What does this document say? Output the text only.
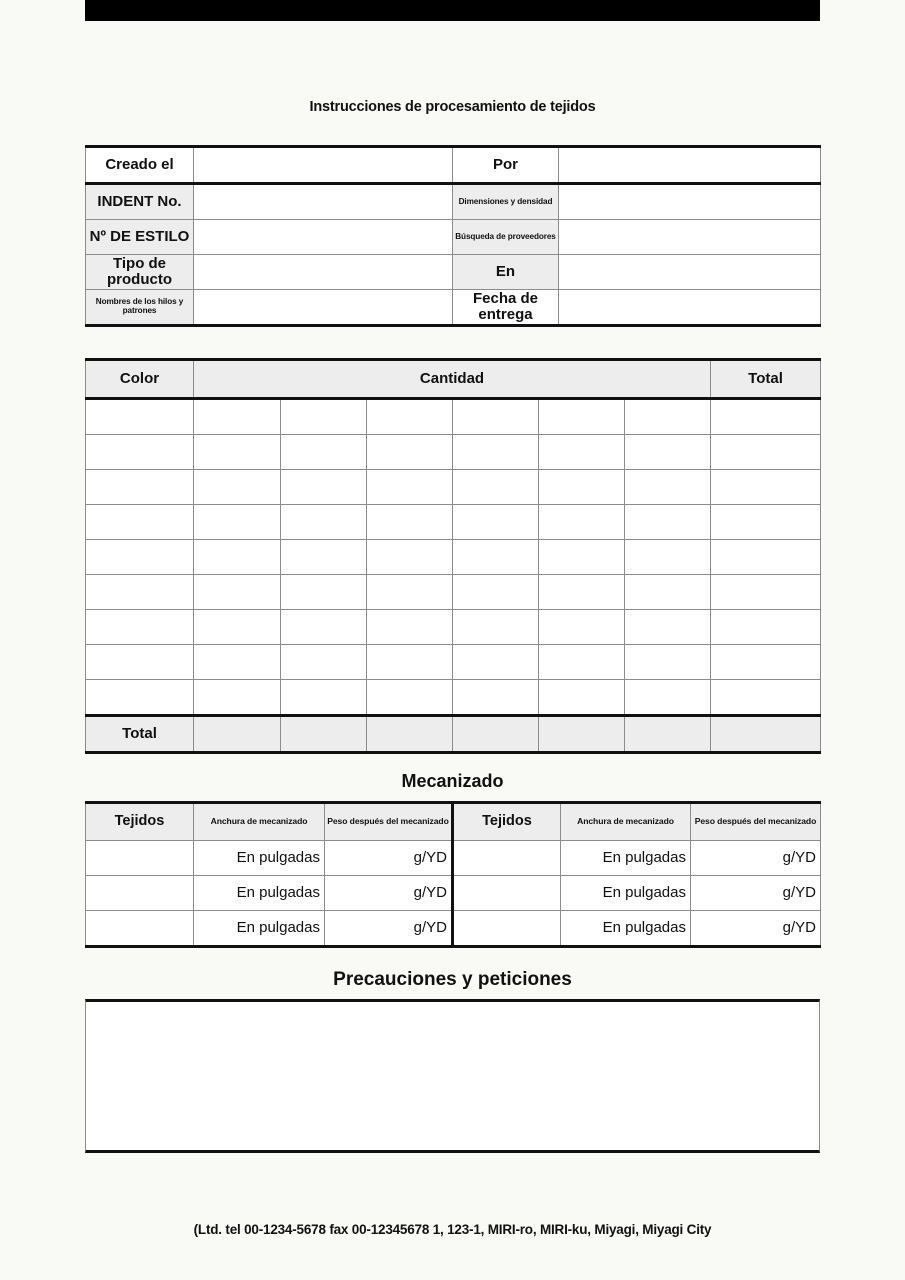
Instrucciones de procesamiento de tejidos
Creado el		Por	
INDENT No.		Dimensiones y densidad	
Nº DE ESTILO		Búsqueda de proveedores	
Tipo de producto		En	
Nombres de los hilos y patrones		Fecha de entrega	
Color	Cantidad						Total

Total							
Mecanizado
Tejidos	Anchura de mecanizado	Peso después del mecanizado	Tejidos	Anchura de mecanizado	Peso después del mecanizado
	En pulgadas	g/YD		En pulgadas	g/YD
	En pulgadas	g/YD		En pulgadas	g/YD
	En pulgadas	g/YD		En pulgadas	g/YD
Precauciones y peticiones
(Ltd. tel 00-1234-5678 fax 00-12345678 1, 123-1, MIRI-ro, MIRI-ku, Miyagi, Miyagi City
